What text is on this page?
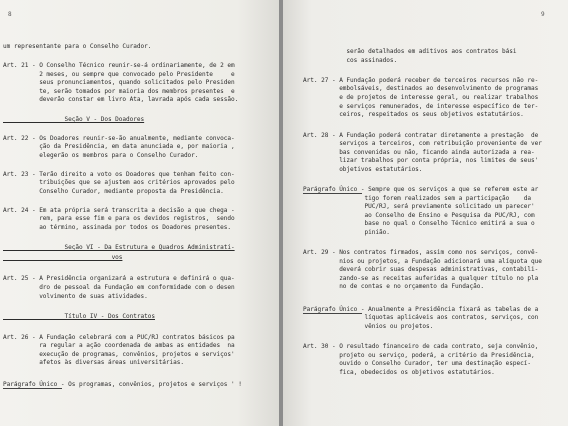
8
um representante para o Conselho Curador.
Art. 21 - O Conselho Técnico reunir-se-á ordinariamente, de 2 em
2 meses, ou sempre que convocado pelo Presidente     e
seus pronunciamentos, quando solicitados pelo Presiden
te, serão tomados por maioria dos membros presentes  e
deverão constar em livro Ata, lavrada após cada sessão.
Seção V - Dos Doadores
Art. 22 - Os Doadores reunir-se-ão anualmente, mediante convoca-
ção da Presidência, em data anunciada e, por maioria ,
elegerão os membros para o Conselho Curador.
Art. 23 - Terão direito a voto os Doadores que tenham feito con-
tribuições que se ajustem aos critérios aprovados pelo
Conselho Curador, mediante proposta da Presidência.
Art. 24 - Em ata própria será transcrita a decisão a que chega -
rem, para esse fim e para os devidos registros,  sendo
ao término, assinada por todos os Doadores presentes.
Seção VI - Da Estrutura e Quadros Administrati-
vos
Art. 25 - A Presidência organizará a estrutura e definirá o qua-
dro de pessoal da Fundação em conformidade com o desen
volvimento de suas atividades.
Título IV - Dos Contratos
Art. 26 - A Fundação celebrará com a PUC/RJ contratos básicos pa
ra regular a ação coordenada de ambas as entidades  na
execução de programas, convênios, projetos e serviços'
afetos às diversas áreas universitárias.
Parágrafo Único - Os programas, convênios, projetos e serviços ' !
9
serão detalhados em aditivos aos contratos bási
cos assinados.
Art. 27 - A Fundação poderá receber de terceiros recursos não re-
embolsáveis, destinados ao desenvolvimento de programas
e de projetos de interesse geral, ou realizar trabalhos
e serviços remunerados, de interesse específico de ter-
ceiros, respeitados os seus objetivos estatutários.
Art. 28 - A Fundação poderá contratar diretamente a prestação  de
serviços a terceiros, com retribuição proveniente de ver
bas convenidas ou não, ficando ainda autorizada a rea-
lizar trabalhos por conta própria, nos limites de seus'
objetivos estatutários.
Parágrafo Único - Sempre que os serviços a que se referem este ar
tigo forem realizados sem a participação    da
PUC/RJ, será previamente solicitado um parecer'
ao Conselho de Ensino e Pesquisa da PUC/RJ, com
base no qual o Conselho Técnico emitirá a sua o
pinião.
Art. 29 - Nos contratos firmados, assim como nos serviços, convê-
nios ou projetos, a Fundação adicionará uma alíquota que
deverá cobrir suas despesas administrativas, contabili-
zando-se as receitas auferidas a qualquer título no pla
no de contas e no orçamento da Fundação.
Parágrafo Único - Anualmente a Presidência fixará as tabelas de a
líquotas aplicáveis aos contratos, serviços, con
vênios ou projetos.
Art. 30 - O resultado financeiro de cada contrato, seja convênio,
projeto ou serviço, poderá, a critério da Presidência,
ouvido o Conselho Curador, ter uma destinação especí-
fica, obedecidos os objetivos estatutários.
